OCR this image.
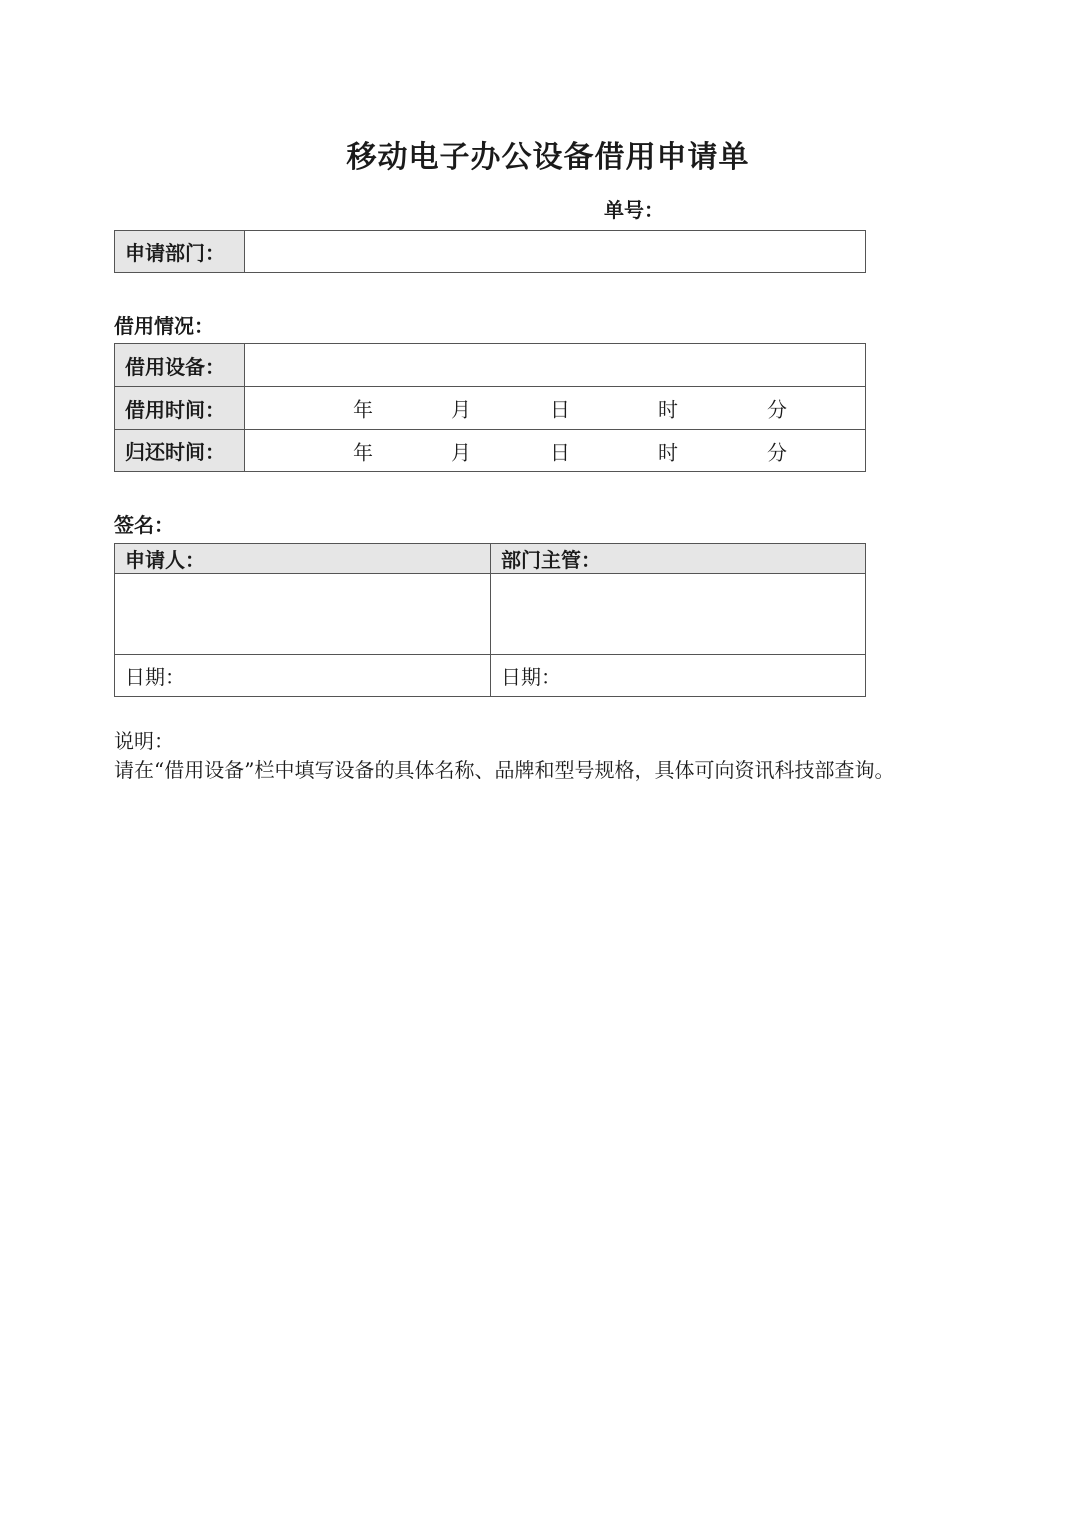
移动电子办公设备借用申请单
单号：
申请部门：	
借用情况：
借用设备：	
借用时间：	年 月 日 时 分

归还时间：	年 月 日 时 分
签名：
申请人：	部门主管：

日期：	日期：
说明：
请在“借用设备”栏中填写设备的具体名称、品牌和型号规格，具体可向资讯科技部查询。
